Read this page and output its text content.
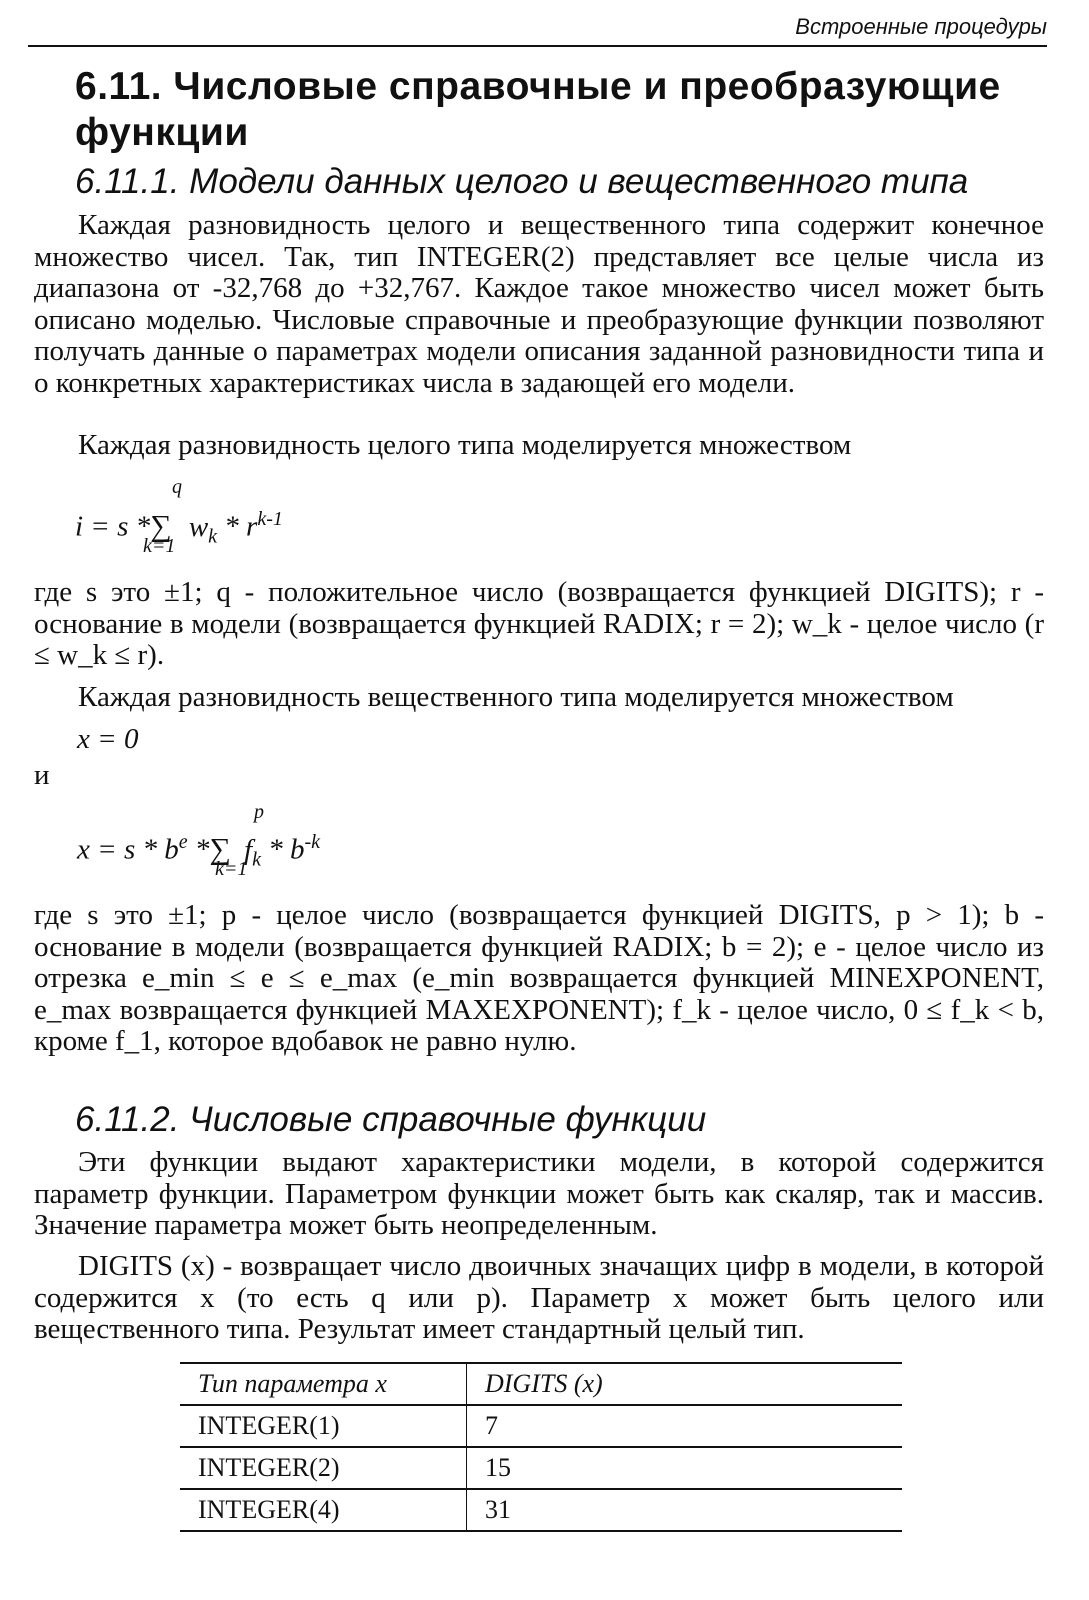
Встроенные процедуры
6.11. Числовые справочные и преобразующие функции
6.11.1. Модели данных целого и вещественного типа

Каждая разновидность целого и вещественного типа содержит конечное множество чисел. Так, тип INTEGER(2) представляет все целые числа из диапазона от -32,768 до +32,767. Каждое такое множество чисел может быть описано моделью. Числовые справочные и преобразующие функции позволяют получать данные о параметрах модели описания заданной разновидности типа и о конкретных характеристиках числа в задающей его модели.

Каждая разновидность целого типа моделируется множеством

i = s *∑
q
k=1
$w_k * r^{k-1}$

где s это ±1; q - положительное число (возвращается функцией DIGITS); r - основание в модели (возвращается функцией RADIX; r = 2); w_k - целое число (r ≤ w_k ≤ r).

Каждая разновидность вещественного типа моделируется множеством

x = 0
и
$x = s * b^e$ *∑
p
k=1
$f_k * b^{-k}$

где s это ±1; p - целое число (возвращается функцией DIGITS, p > 1); b - основание в модели (возвращается функцией RADIX; b = 2); e - целое число из отрезка e_min ≤ e ≤ e_max (e_min возвращается функцией MINEXPONENT, e_max возвращается функцией MAXEXPONENT); f_k - целое число, 0 ≤ f_k < b, кроме f_1, которое вдобавок не равно нулю.

6.11.2. Числовые справочные функции

Эти функции выдают характеристики модели, в которой содержится параметр функции. Параметром функции может быть как скаляр, так и массив. Значение параметра может быть неопределенным.

DIGITS (x) - возвращает число двоичных значащих цифр в модели, в которой содержится x (то есть q или p). Параметр x может быть целого или вещественного типа. Результат имеет стандартный целый тип.

Тип параметра x	DIGITS (x)
INTEGER(1)	7
INTEGER(2)	15
INTEGER(4)	31
